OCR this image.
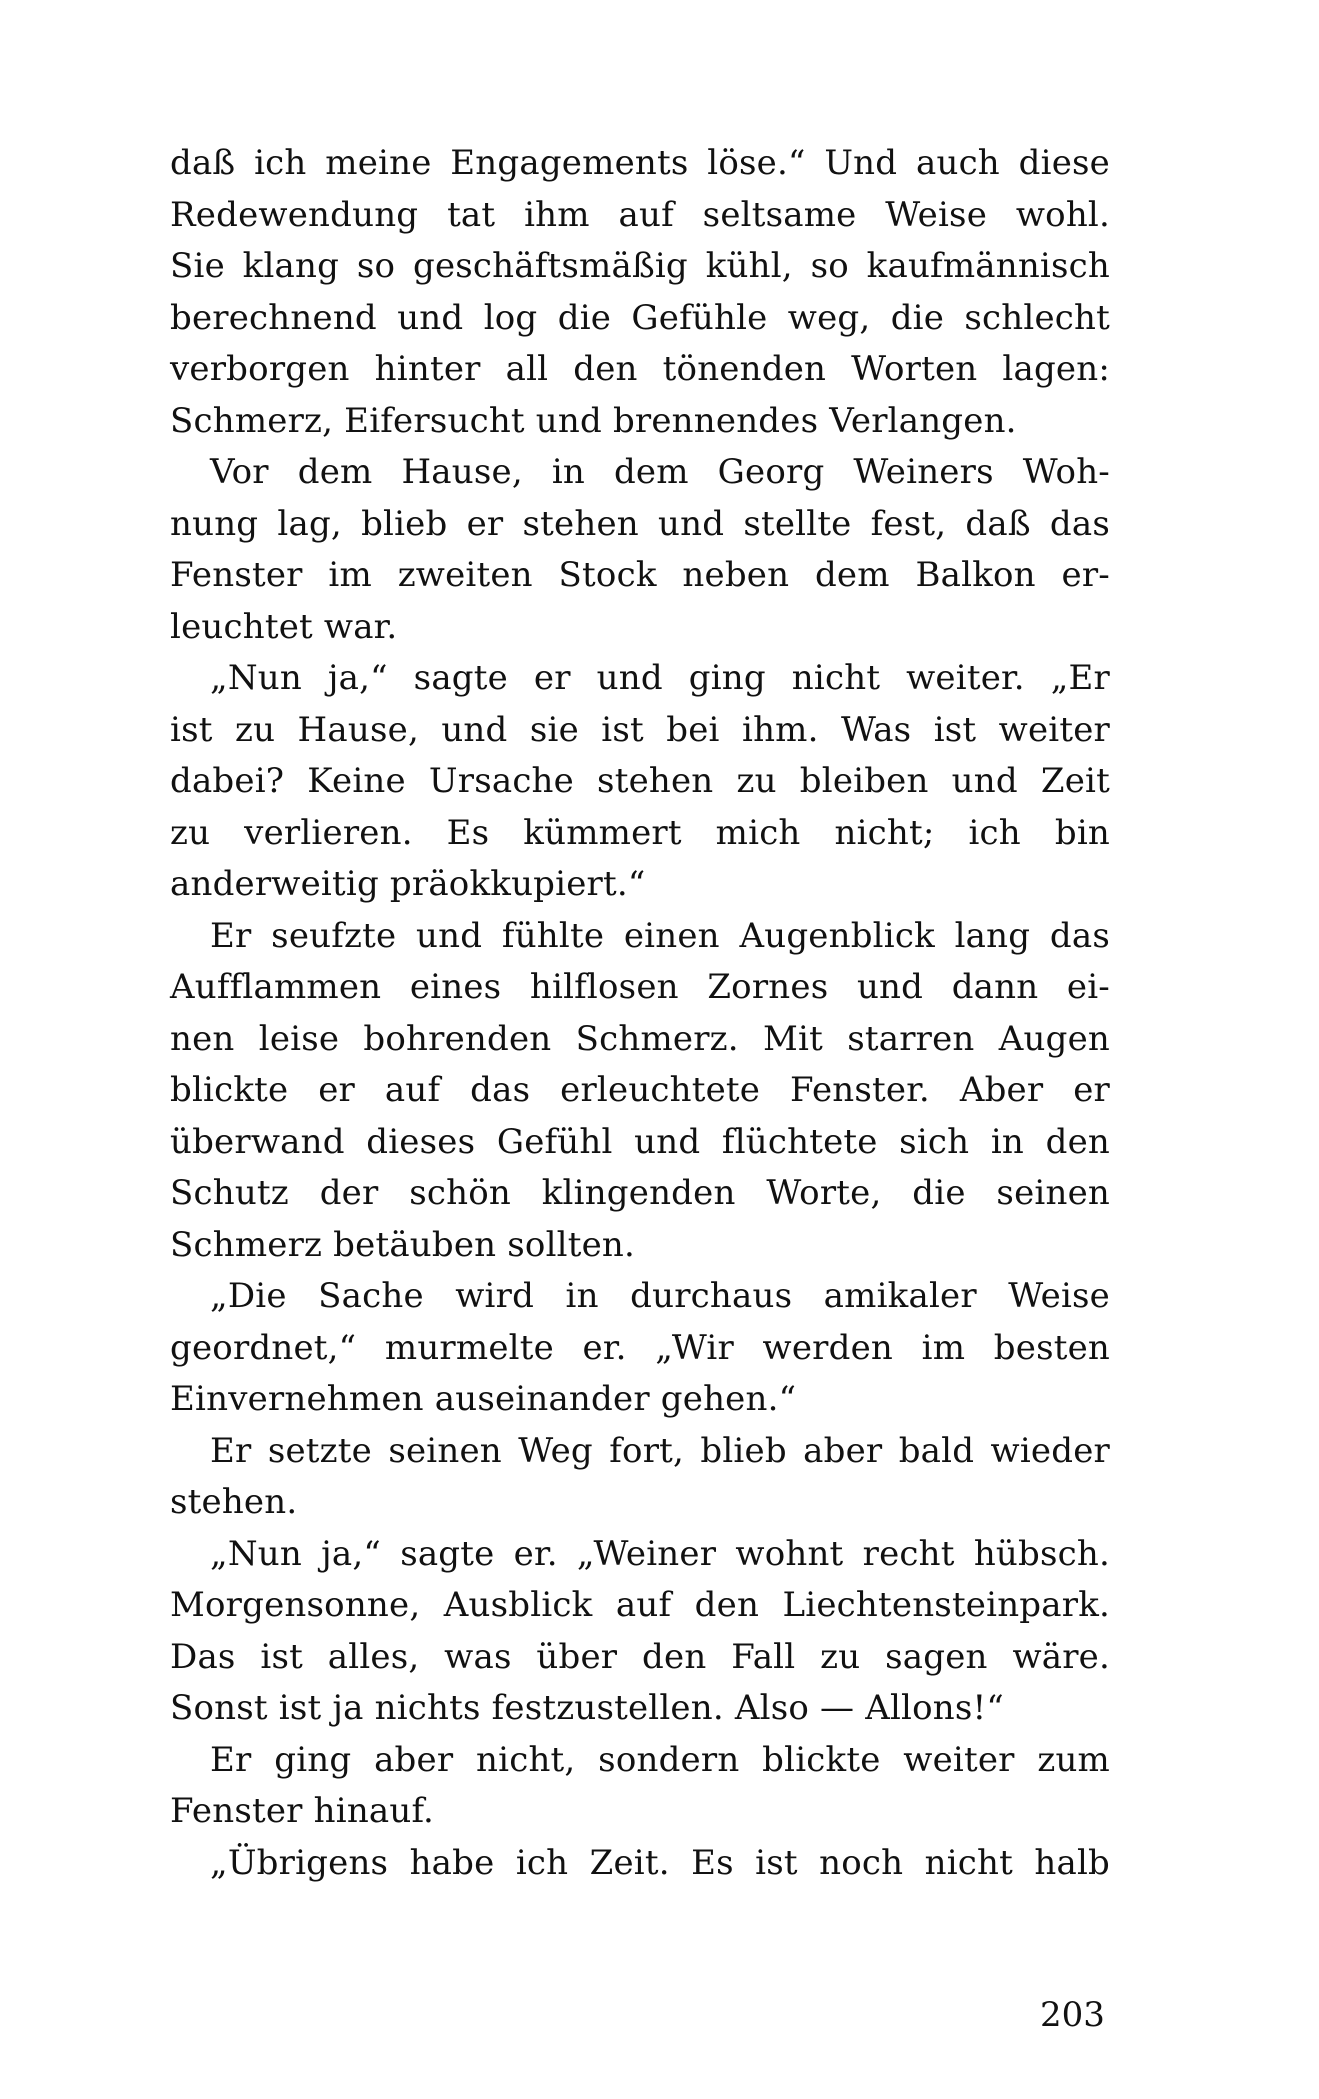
daß ich meine Engagements löse.“ Und auch diese
Redewendung tat ihm auf seltsame Weise wohl.
Sie klang so geschäftsmäßig kühl, so kaufmännisch
berechnend und log die Gefühle weg, die schlecht
verborgen hinter all den tönenden Worten lagen:
Schmerz, Eifersucht und brennendes Verlangen.
Vor dem Hause, in dem Georg Weiners Woh-
nung lag, blieb er stehen und stellte fest, daß das
Fenster im zweiten Stock neben dem Balkon er-
leuchtet war.
„Nun ja,“ sagte er und ging nicht weiter. „Er
ist zu Hause, und sie ist bei ihm. Was ist weiter
dabei? Keine Ursache stehen zu bleiben und Zeit
zu verlieren. Es kümmert mich nicht; ich bin
anderweitig präokkupiert.“
Er seufzte und fühlte einen Augenblick lang das
Aufflammen eines hilflosen Zornes und dann ei-
nen leise bohrenden Schmerz. Mit starren Augen
blickte er auf das erleuchtete Fenster. Aber er
überwand dieses Gefühl und flüchtete sich in den
Schutz der schön klingenden Worte, die seinen
Schmerz betäuben sollten.
„Die Sache wird in durchaus amikaler Weise
geordnet,“ murmelte er. „Wir werden im besten
Einvernehmen auseinander gehen.“
Er setzte seinen Weg fort, blieb aber bald wieder
stehen.
„Nun ja,“ sagte er. „Weiner wohnt recht hübsch.
Morgensonne, Ausblick auf den Liechtensteinpark.
Das ist alles, was über den Fall zu sagen wäre.
Sonst ist ja nichts festzustellen. Also — Allons!“
Er ging aber nicht, sondern blickte weiter zum
Fenster hinauf.
„Übrigens habe ich Zeit. Es ist noch nicht halb
203
